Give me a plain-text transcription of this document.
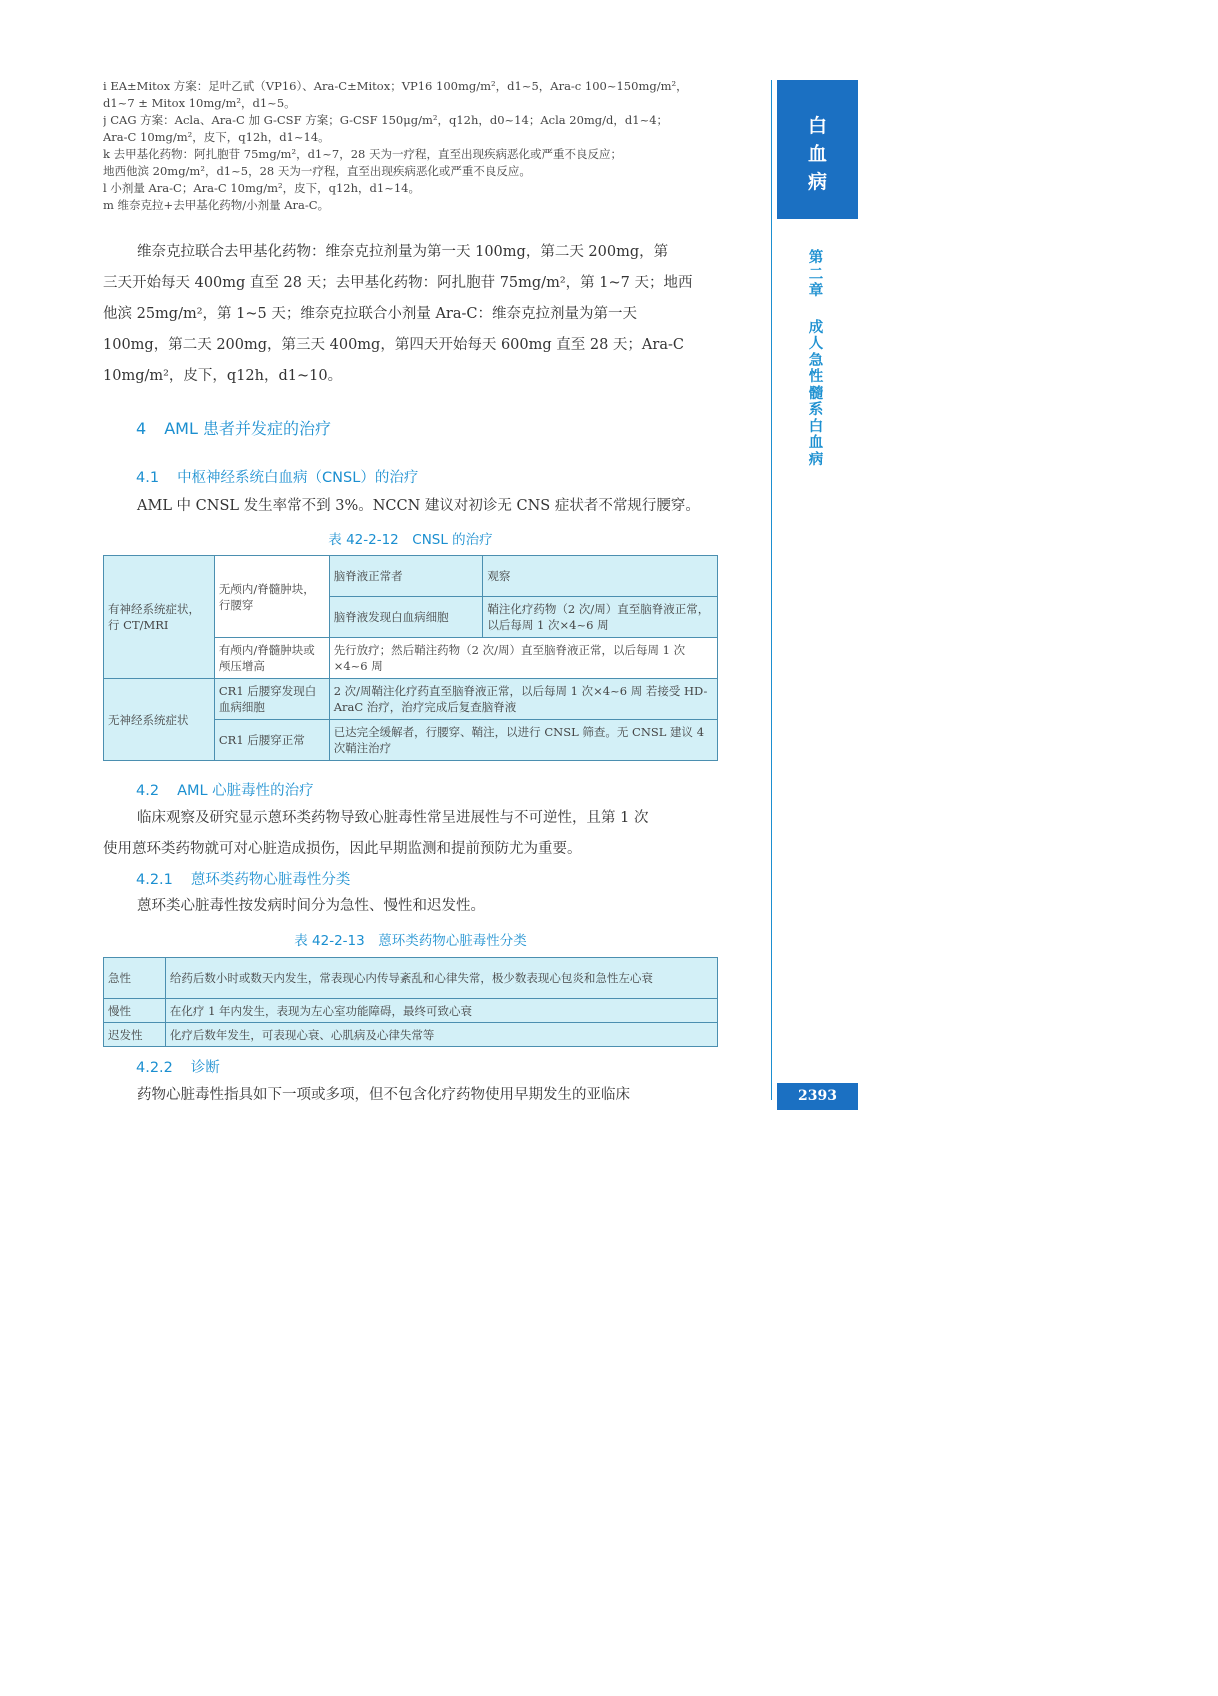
i EA±Mitox 方案：足叶乙甙（VP16）、Ara-C±Mitox；VP16 100mg/m²，d1~5，Ara-c 100~150mg/m²，
d1~7 ± Mitox 10mg/m²，d1~5。
j CAG 方案：Acla、Ara-C 加 G-CSF 方案；G-CSF 150μg/m²，q12h，d0~14；Acla 20mg/d，d1~4；
Ara-C 10mg/m²，皮下，q12h，d1~14。
k 去甲基化药物：阿扎胞苷 75mg/m²，d1~7，28 天为一疗程，直至出现疾病恶化或严重不良反应；
地西他滨 20mg/m²，d1~5，28 天为一疗程，直至出现疾病恶化或严重不良反应。
l 小剂量 Ara-C；Ara-C 10mg/m²，皮下，q12h，d1~14。
m 维奈克拉+去甲基化药物/小剂量 Ara-C。
维奈克拉联合去甲基化药物：维奈克拉剂量为第一天 100mg，第二天 200mg，第
三天开始每天 400mg 直至 28 天；去甲基化药物：阿扎胞苷 75mg/m²，第 1~7 天；地西
他滨 25mg/m²，第 1~5 天；维奈克拉联合小剂量 Ara-C：维奈克拉剂量为第一天
100mg，第二天 200mg，第三天 400mg，第四天开始每天 600mg 直至 28 天；Ara-C
10mg/m²，皮下，q12h，d1~10。
4 AML 患者并发症的治疗
4.1 中枢神经系统白血病（CNSL）的治疗
AML 中 CNSL 发生率常不到 3%。NCCN 建议对初诊无 CNS 症状者不常规行腰穿。
表 42-2-12　CNSL 的治疗
有神经系统症状，行 CT/MRI	无颅内/脊髓肿块，行腰穿	脑脊液正常者	观察
		脑脊液发现白血病细胞	鞘注化疗药物（2 次/周）直至脑脊液正常，以后每周 1 次×4~6 周
	有颅内/脊髓肿块或颅压增高	先行放疗；然后鞘注药物（2 次/周）直至脑脊液正常，以后每周 1 次×4~6 周	
无神经系统症状	CR1 后腰穿发现白血病细胞	2 次/周鞘注化疗药直至脑脊液正常，以后每周 1 次×4~6 周 若接受 HD-AraC 治疗，治疗完成后复查脑脊液	
	CR1 后腰穿正常	已达完全缓解者，行腰穿、鞘注，以进行 CNSL 筛查。无 CNSL 建议 4 次鞘注治疗	
4.2 AML 心脏毒性的治疗
临床观察及研究显示蒽环类药物导致心脏毒性常呈进展性与不可逆性，且第 1 次
使用蒽环类药物就可对心脏造成损伤，因此早期监测和提前预防尤为重要。
4.2.1 蒽环类药物心脏毒性分类
蒽环类心脏毒性按发病时间分为急性、慢性和迟发性。
表 42-2-13　蒽环类药物心脏毒性分类
急性	给药后数小时或数天内发生，常表现心内传导紊乱和心律失常，极少数表现心包炎和急性左心衰
慢性	在化疗 1 年内发生，表现为左心室功能障碍，最终可致心衰
迟发性	化疗后数年发生，可表现心衰、心肌病及心律失常等
4.2.2 诊断
药物心脏毒性指具如下一项或多项，但不包含化疗药物使用早期发生的亚临床
白
血
病
第
二
章
成
人
急
性
髓
系
白
血
病
2393
